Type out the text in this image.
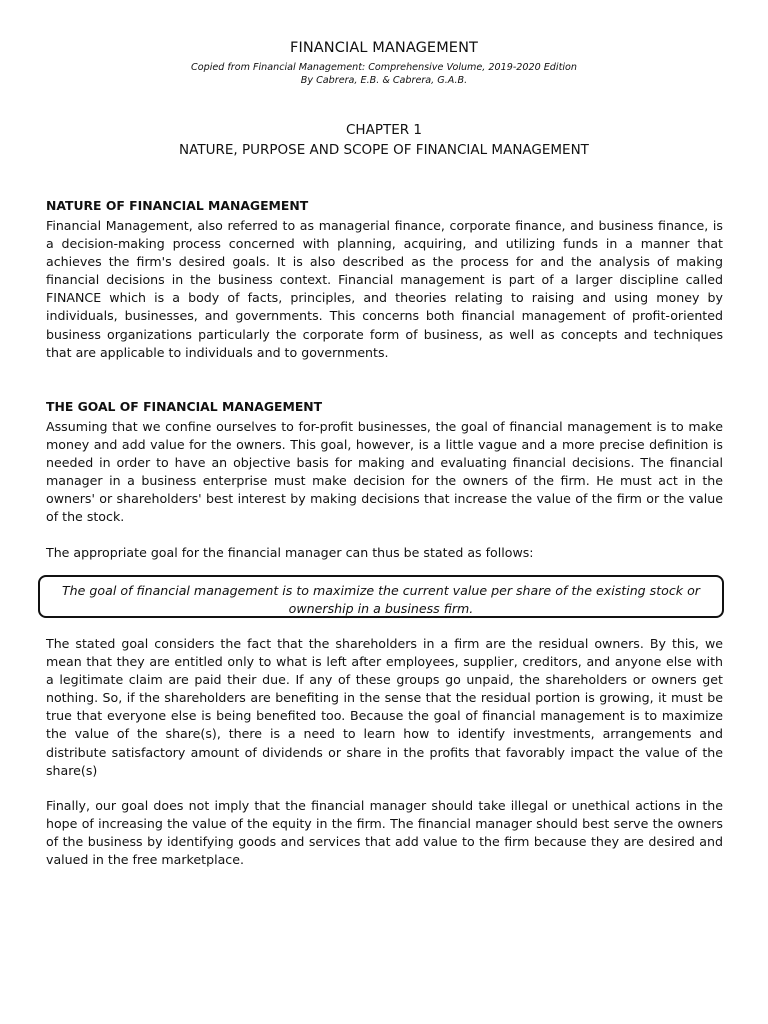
FINANCIAL MANAGEMENT
Copied from Financial Management: Comprehensive Volume, 2019-2020 Edition
By Cabrera, E.B. & Cabrera, G.A.B.
CHAPTER 1
NATURE, PURPOSE AND SCOPE OF FINANCIAL MANAGEMENT
NATURE OF FINANCIAL MANAGEMENT

Financial Management, also referred to as managerial finance, corporate finance, and business finance, is a decision-making process concerned with planning, acquiring, and utilizing funds in a manner that achieves the firm's desired goals. It is also described as the process for and the analysis of making financial decisions in the business context. Financial management is part of a larger discipline called FINANCE which is a body of facts, principles, and theories relating to raising and using money by individuals, businesses, and governments. This concerns both financial management of profit-oriented business organizations particularly the corporate form of business, as well as concepts and techniques that are applicable to individuals and to governments.

THE GOAL OF FINANCIAL MANAGEMENT

Assuming that we confine ourselves to for-profit businesses, the goal of financial management is to make money and add value for the owners. This goal, however, is a little vague and a more precise definition is needed in order to have an objective basis for making and evaluating financial decisions. The financial manager in a business enterprise must make decision for the owners of the firm. He must act in the owners' or shareholders' best interest by making decisions that increase the value of the firm or the value of the stock.

The appropriate goal for the financial manager can thus be stated as follows:

The goal of financial management is to maximize the current value per share of the existing stock or ownership in a business firm.

The stated goal considers the fact that the shareholders in a firm are the residual owners. By this, we mean that they are entitled only to what is left after employees, supplier, creditors, and anyone else with a legitimate claim are paid their due. If any of these groups go unpaid, the shareholders or owners get nothing. So, if the shareholders are benefiting in the sense that the residual portion is growing, it must be true that everyone else is being benefited too. Because the goal of financial management is to maximize the value of the share(s), there is a need to learn how to identify investments, arrangements and distribute satisfactory amount of dividends or share in the profits that favorably impact the value of the share(s)

Finally, our goal does not imply that the financial manager should take illegal or unethical actions in the hope of increasing the value of the equity in the firm. The financial manager should best serve the owners of the business by identifying goods and services that add value to the firm because they are desired and valued in the free marketplace.
